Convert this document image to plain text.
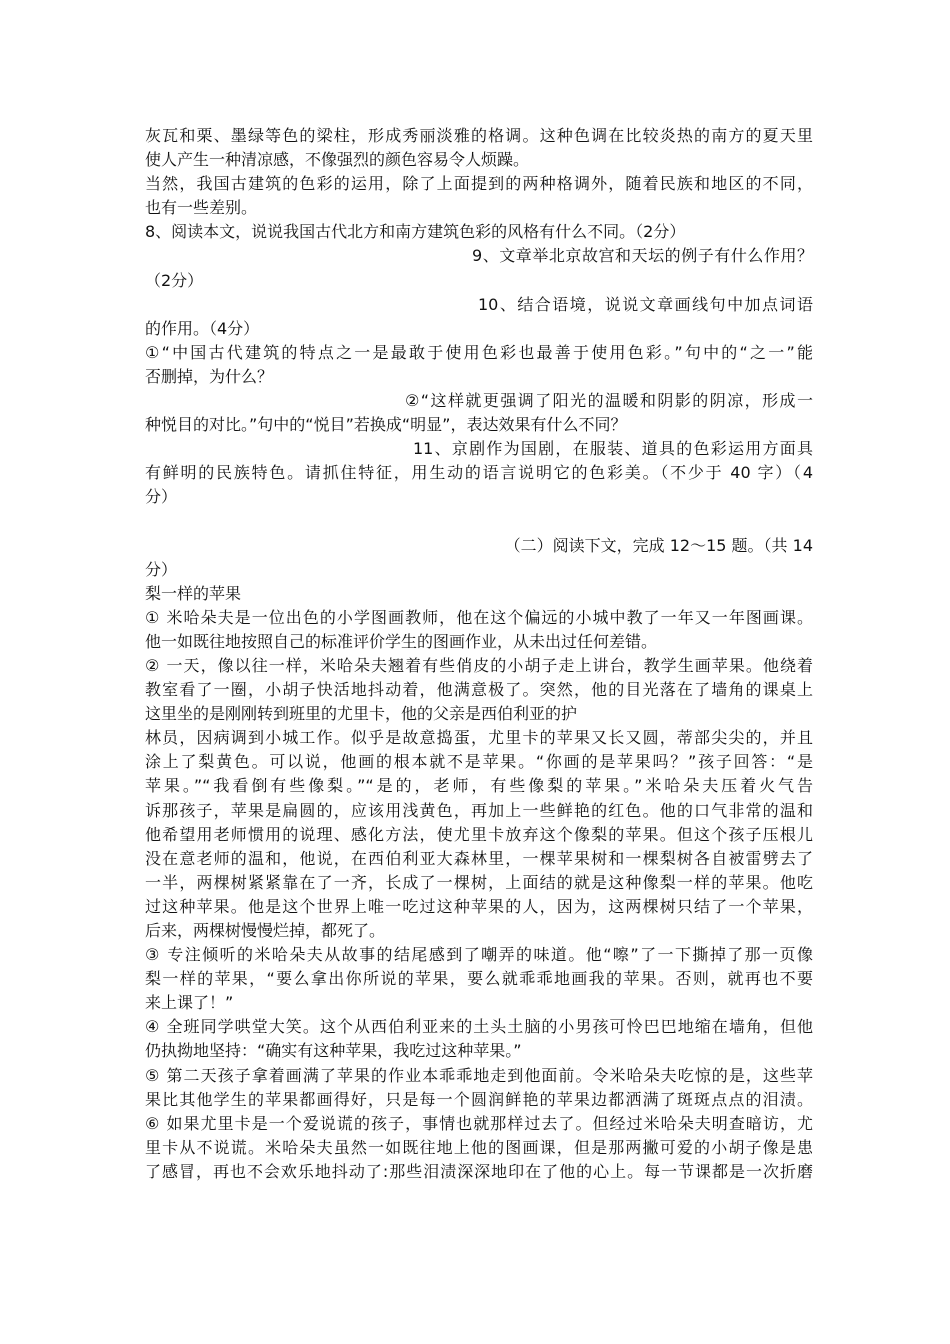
灰瓦和栗、墨绿等色的梁柱，形成秀丽淡雅的格调。这种色调在比较炎热的南方的夏天里
使人产生一种清凉感，不像强烈的颜色容易令人烦躁。
当然，我国古建筑的色彩的运用，除了上面提到的两种格调外，随着民族和地区的不同，
也有一些差别。
8、阅读本文，说说我国古代北方和南方建筑色彩的风格有什么不同。（2分）
9、文章举北京故宫和天坛的例子有什么作用？
（2分）
10、结合语境，说说文章画线句中加点词语
的作用。（4分）
①“中国古代建筑的特点之一是最敢于使用色彩也最善于使用色彩。”句中的“之一”能
否删掉，为什么？
②“这样就更强调了阳光的温暖和阴影的阴凉，形成一
种悦目的对比。”句中的“悦目”若换成“明显”，表达效果有什么不同？
11、京剧作为国剧，在服装、道具的色彩运用方面具
有鲜明的民族特色。请抓住特征，用生动的语言说明它的色彩美。（不少于 40 字）（4
分）
（二）阅读下文，完成 12～15 题。（共 14
分）
梨一样的苹果
① 米哈朵夫是一位出色的小学图画教师，他在这个偏远的小城中教了一年又一年图画课。
他一如既往地按照自己的标准评价学生的图画作业，从未出过任何差错。
② 一天，像以往一样，米哈朵夫翘着有些俏皮的小胡子走上讲台，教学生画苹果。他绕着
教室看了一圈，小胡子快活地抖动着，他满意极了。突然，他的目光落在了墙角的课桌上
这里坐的是刚刚转到班里的尤里卡，他的父亲是西伯利亚的护
林员，因病调到小城工作。似乎是故意捣蛋，尤里卡的苹果又长又圆，蒂部尖尖的，并且
涂上了梨黄色。可以说，他画的根本就不是苹果。“你画的是苹果吗？”孩子回答：“是
苹果。”“我看倒有些像梨。”“是的，老师，有些像梨的苹果。”米哈朵夫压着火气告
诉那孩子，苹果是扁圆的，应该用浅黄色，再加上一些鲜艳的红色。他的口气非常的温和
他希望用老师惯用的说理、感化方法，使尤里卡放弃这个像梨的苹果。但这个孩子压根儿
没在意老师的温和，他说，在西伯利亚大森林里，一棵苹果树和一棵梨树各自被雷劈去了
一半，两棵树紧紧靠在了一齐，长成了一棵树，上面结的就是这种像梨一样的苹果。他吃
过这种苹果。他是这个世界上唯一吃过这种苹果的人，因为，这两棵树只结了一个苹果，
后来，两棵树慢慢烂掉，都死了。
③ 专注倾听的米哈朵夫从故事的结尾感到了嘲弄的味道。他“嚓”了一下撕掉了那一页像
梨一样的苹果，“要么拿出你所说的苹果，要么就乖乖地画我的苹果。否则，就再也不要
来上课了！”
④ 全班同学哄堂大笑。这个从西伯利亚来的土头土脑的小男孩可怜巴巴地缩在墙角，但他
仍执拗地坚持：“确实有这种苹果，我吃过这种苹果。”
⑤ 第二天孩子拿着画满了苹果的作业本乖乖地走到他面前。令米哈朵夫吃惊的是，这些苹
果比其他学生的苹果都画得好，只是每一个圆润鲜艳的苹果边都洒满了斑斑点点的泪渍。
⑥ 如果尤里卡是一个爱说谎的孩子，事情也就那样过去了。但经过米哈朵夫明查暗访，尤
里卡从不说谎。米哈朵夫虽然一如既往地上他的图画课，但是那两撇可爱的小胡子像是患
了感冒，再也不会欢乐地抖动了:那些泪渍深深地印在了他的心上。每一节课都是一次折磨
